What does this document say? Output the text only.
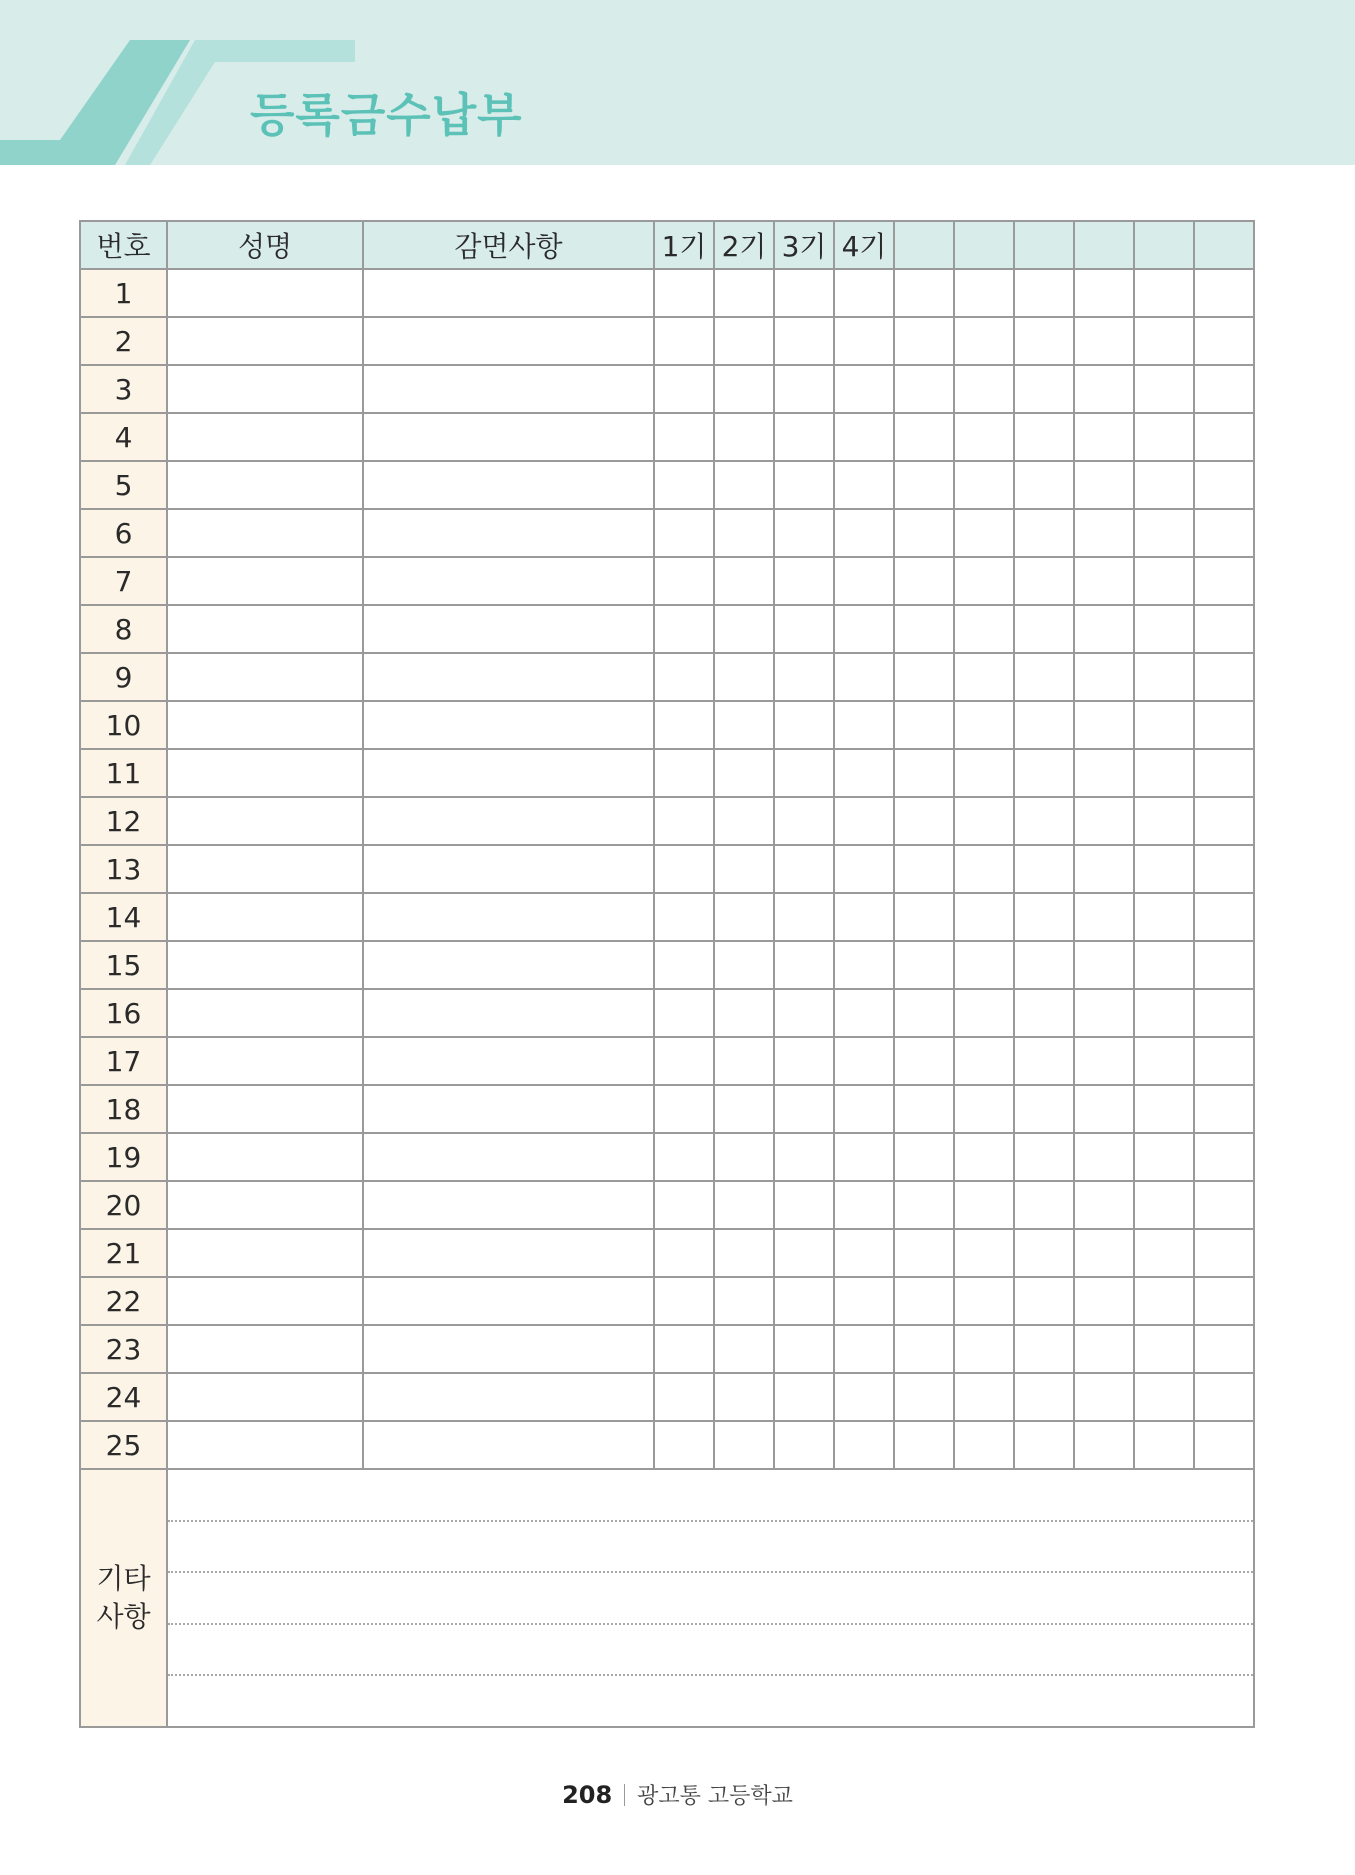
등록금수납부
번호	성명	감면사항	1기	2기	3기	4기						
1												
2												
3												
4												
5												
6												
7												
8												
9												
10												
11												
12												
13												
14												
15												
16												
17												
18												
19												
20												
21												
22												
23												
24												
25												

기타
사항												

208 광고통 고등학교
